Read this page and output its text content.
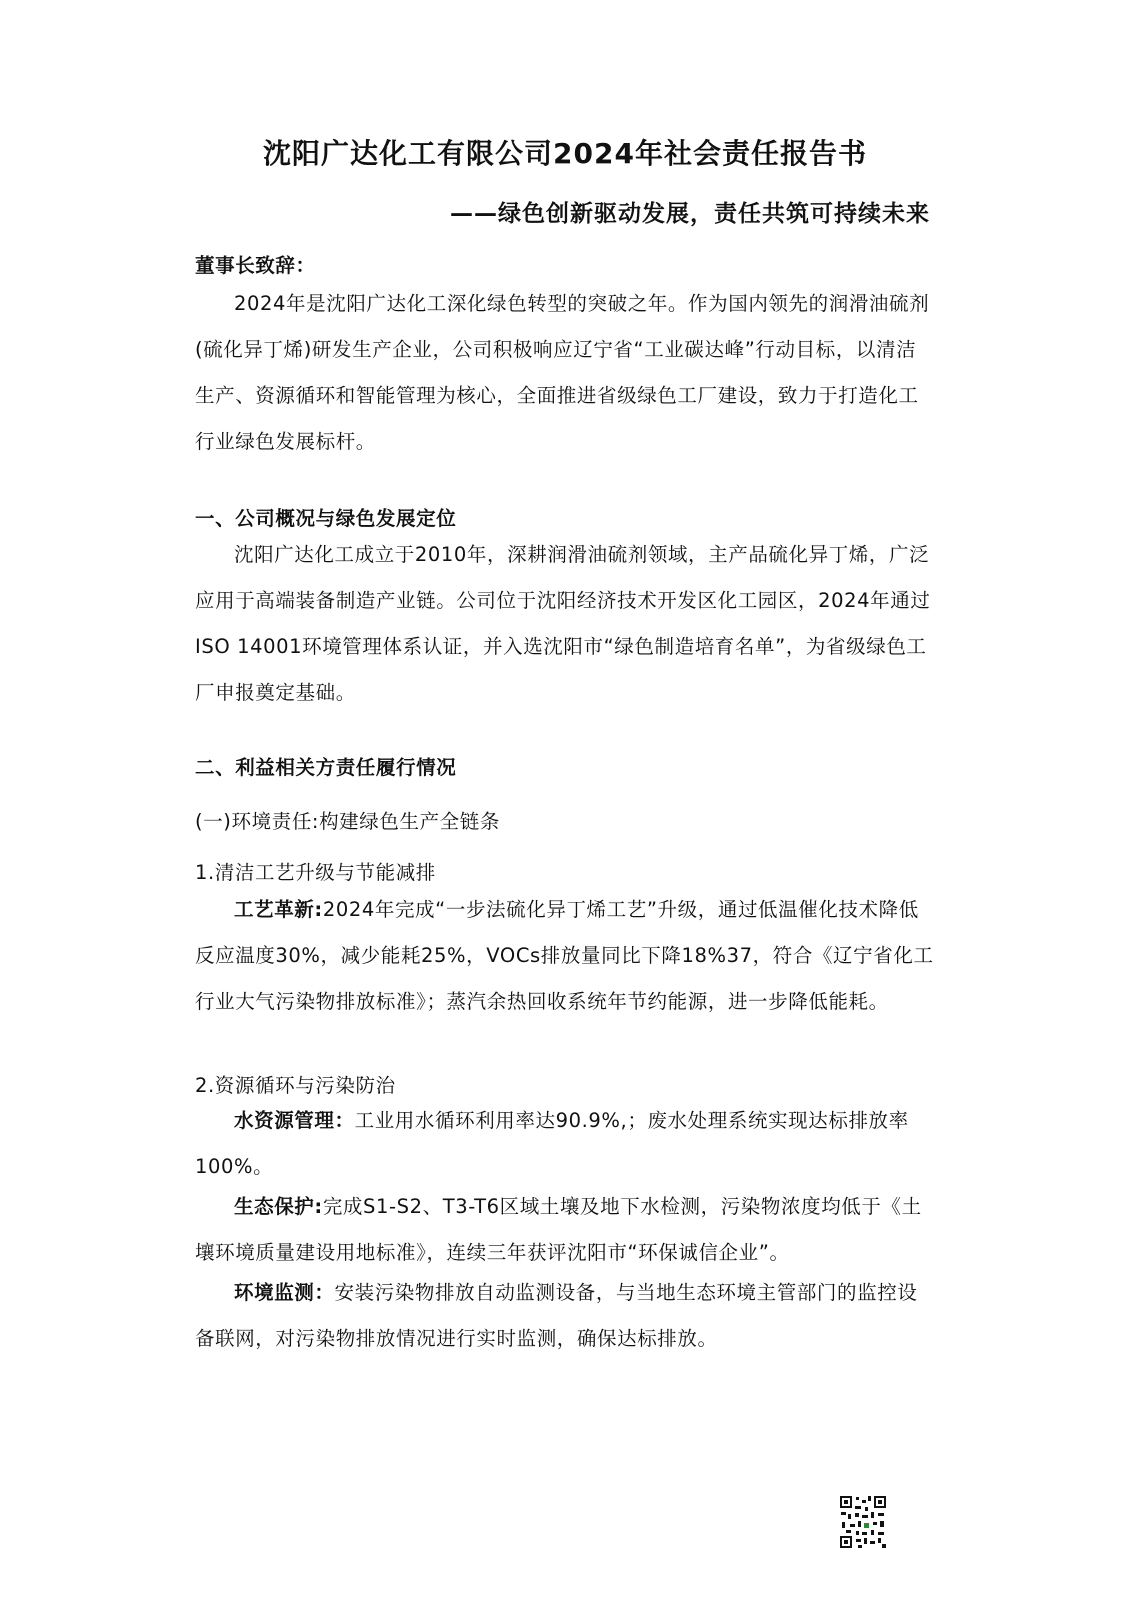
沈阳广达化工有限公司2024年社会责任报告书
——绿色创新驱动发展，责任共筑可持续未来
董事长致辞：
2024年是沈阳广达化工深化绿色转型的突破之年。作为国内领先的润滑油硫剂(硫化异丁烯)研发生产企业，公司积极响应辽宁省“工业碳达峰”行动目标，以清洁生产、资源循环和智能管理为核心，全面推进省级绿色工厂建设，致力于打造化工行业绿色发展标杆。
一、公司概况与绿色发展定位
沈阳广达化工成立于2010年，深耕润滑油硫剂领域，主产品硫化异丁烯，广泛应用于高端装备制造产业链。公司位于沈阳经济技术开发区化工园区，2024年通过ISO 14001环境管理体系认证，并入选沈阳市“绿色制造培育名单”，为省级绿色工厂申报奠定基础。
二、利益相关方责任履行情况
(一)环境责任:构建绿色生产全链条
1.清洁工艺升级与节能减排
工艺革新:2024年完成“一步法硫化异丁烯工艺”升级，通过低温催化技术降低反应温度30%，减少能耗25%，VOCs排放量同比下降18%37，符合《辽宁省化工行业大气污染物排放标准》；蒸汽余热回收系统年节约能源，进一步降低能耗。
2.资源循环与污染防治
水资源管理：工业用水循环利用率达90.9%,；废水处理系统实现达标排放率100%。
生态保护:完成S1-S2、T3-T6区域土壤及地下水检测，污染物浓度均低于《土壤环境质量建设用地标准》，连续三年获评沈阳市“环保诚信企业”。
环境监测：安装污染物排放自动监测设备，与当地生态环境主管部门的监控设备联网，对污染物排放情况进行实时监测，确保达标排放。
